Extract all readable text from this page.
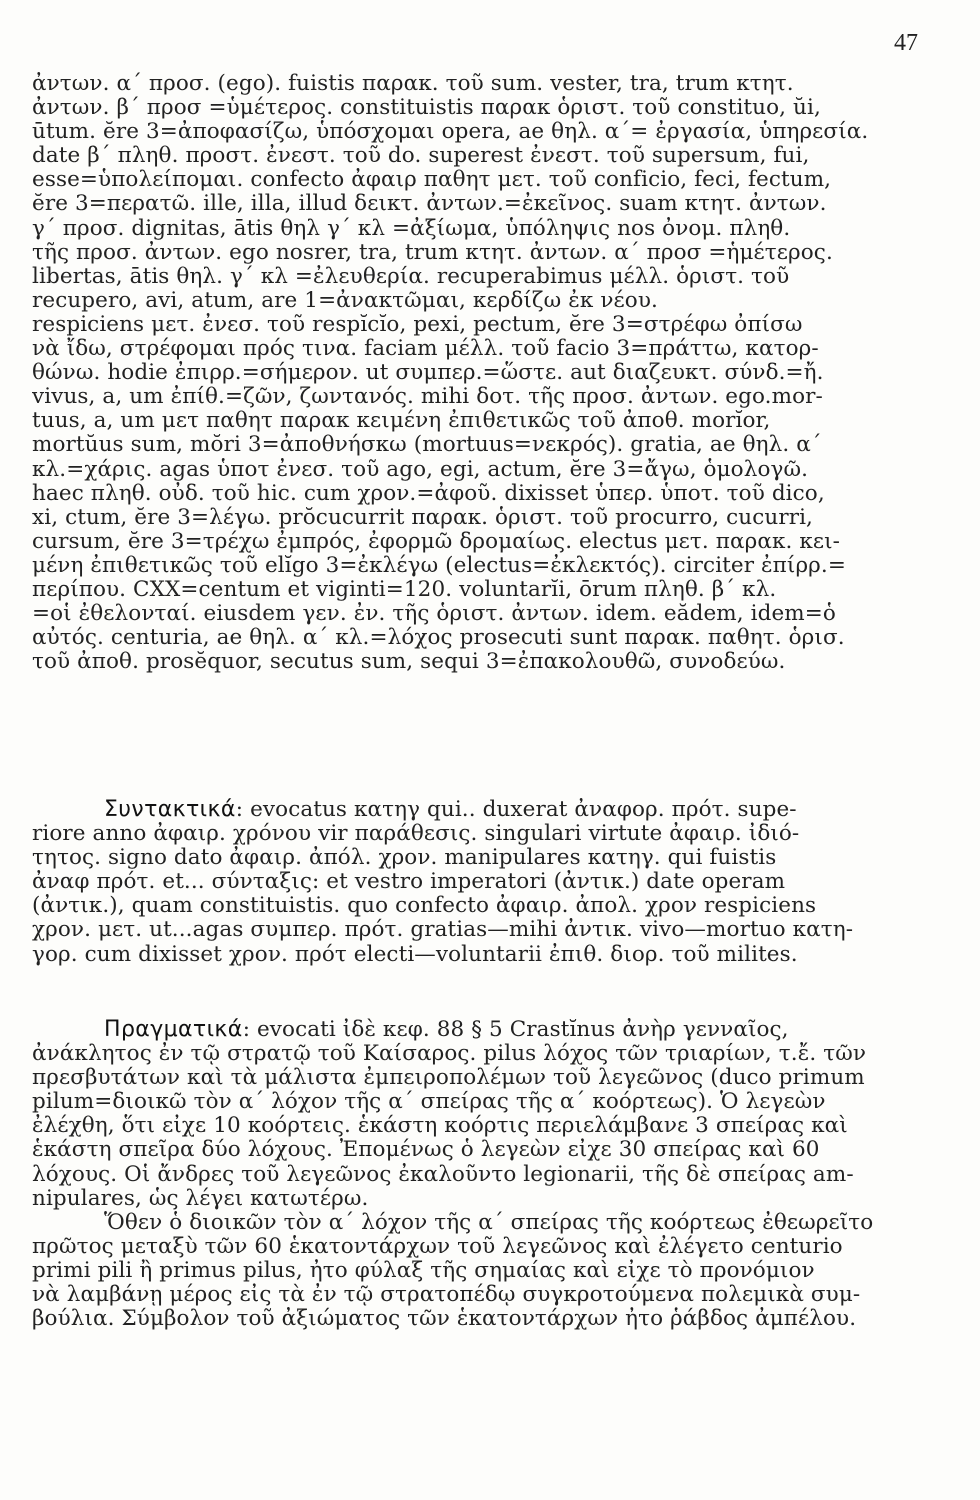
47
ἀντων. α΄ προσ. (ego). fuistis παρακ. τοῦ sum. vester, tra, trum κτητ.
ἀντων. β΄ προσ =ὑμέτερος. constituistis παρακ ὁριστ. τοῦ constituo, ŭi,
ūtum. ĕre 3=ἀποφασίζω, ὑπόσχομαι opera, ae θηλ. α΄= ἐργασία, ὑπηρεσία.
date β΄ πληθ. προστ. ἐνεστ. τοῦ do. superest ἐνεστ. τοῦ supersum, fui,
esse=ὑπολείπομαι. confecto ἀφαιρ παθητ μετ. τοῦ conficio, feci, fectum,
ĕre 3=περατῶ. ille, illa, illud δεικτ. ἀντων.=ἐκεῖνος. suam κτητ. ἀντων.
γ΄ προσ. dignitas, ātis θηλ γ΄ κλ =ἀξίωμα, ὑπόληψις nos ὀνομ. πληθ.
τῆς προσ. ἀντων. ego nosrer, tra, trum κτητ. ἀντων. α΄ προσ =ἡμέτερος.
libertas, ātis θηλ. γ΄ κλ =ἐλευθερία. recuperabimus μέλλ. ὁριστ. τοῦ
recupero, avi, atum, are 1=ἀνακτῶμαι, κερδίζω ἐκ νέου.
respiciens μετ. ἐνεσ. τοῦ respĭcĭo, pexi, pectum, ĕre 3=στρέφω ὀπίσω
νὰ ἴδω, στρέφομαι πρός τινα. faciam μέλλ. τοῦ facio 3=πράττω, κατορ-
θώνω. hodie ἐπιρρ.=σήμερον. ut συμπερ.=ὥστε. aut διαζευκτ. σύνδ.=ἤ.
vivus, a, um ἐπίθ.=ζῶν, ζωντανός. mihi δοτ. τῆς προσ. ἀντων. ego.mor-
tuus, a, um μετ παθητ παρακ κειμένη ἐπιθετικῶς τοῦ ἀποθ. morĭor,
mortŭus sum, mŏri 3=ἀποθνήσκω (mortuus=νεκρός). gratia, ae θηλ. α΄
κλ.=χάρις. agas ὑποτ ἐνεσ. τοῦ ago, egi, actum, ĕre 3=ἄγω, ὁμολογῶ.
haec πληθ. οὐδ. τοῦ hic. cum χρον.=ἀφοῦ. dixisset ὑπερ. ὑποτ. τοῦ dico,
xi, ctum, ĕre 3=λέγω. prŏcucurrit παρακ. ὁριστ. τοῦ procurro, cucurri,
cursum, ĕre 3=τρέχω ἐμπρός, ἐφορμῶ δρομαίως. electus μετ. παρακ. κει-
μένη ἐπιθετικῶς τοῦ elĭgo 3=ἐκλέγω (electus=ἐκλεκτός). circiter ἐπίρρ.=
περίπου. CXX=centum et viginti=120. voluntarĭi, ōrum πληθ. β΄ κλ.
=οἱ ἐθελονταί. eiusdem γεν. ἐν. τῆς ὁριστ. ἀντων. idem. eădem, idem=ὁ
αὐτός. centuria, ae θηλ. α΄ κλ.=λόχος prosecuti sunt παρακ. παθητ. ὁρισ.
τοῦ ἀποθ. prosĕquor, secutus sum, sequi 3=ἐπακολουθῶ, συνοδεύω.
Συντακτικά: evocatus κατηγ qui.. duxerat ἀναφορ. πρότ. supe-
riore anno ἀφαιρ. χρόνου vir παράθεσις. singulari virtute ἀφαιρ. ἰδιό-
τητος. signo dato ἀφαιρ. ἀπόλ. χρον. manipulares κατηγ. qui fuistis
ἀναφ πρότ. et... σύνταξις: et vestro imperatori (ἀντικ.) date operam
(ἀντικ.), quam constituistis. quo confecto ἀφαιρ. ἀπολ. χρον respiciens
χρον. μετ. ut...agas συμπερ. πρότ. gratias—mihi ἀντικ. vivo—mortuo κατη-
γορ. cum dixisset χρον. πρότ electi—voluntarii ἐπιθ. διορ. τοῦ milites.
Πραγματικά: evocati ἰδὲ κεφ. 88 § 5 Crastĭnus ἀνὴρ γενναῖος,
ἀνάκλητος ἐν τῷ στρατῷ τοῦ Καίσαρος. pilus λόχος τῶν τριαρίων, τ.ἔ. τῶν
πρεσβυτάτων καὶ τὰ μάλιστα ἐμπειροπολέμων τοῦ λεγεῶνος (duco primum
pilum=διοικῶ τὸν α΄ λόχον τῆς α΄ σπείρας τῆς α΄ κοόρτεως). Ὁ λεγεὼν
ἐλέχθη, ὅτι εἶχε 10 κοόρτεις. ἑκάστη κοόρτις περιελάμβανε 3 σπείρας καὶ
ἑκάστη σπεῖρα δύο λόχους. Ἐπομένως ὁ λεγεὼν εἶχε 30 σπείρας καὶ 60
λόχους. Οἱ ἄνδρες τοῦ λεγεῶνος ἐκαλοῦντο legionarii, τῆς δὲ σπείρας am-
nipulares, ὡς λέγει κατωτέρω.
Ὅθεν ὁ διοικῶν τὸν α΄ λόχον τῆς α΄ σπείρας τῆς κοόρτεως ἐθεωρεῖτο
πρῶτος μεταξὺ τῶν 60 ἑκατοντάρχων τοῦ λεγεῶνος καὶ ἐλέγετο centurio
primi pili ἢ primus pilus, ἦτο φύλαξ τῆς σημαίας καὶ εἶχε τὸ προνόμιον
νὰ λαμβάνῃ μέρος εἰς τὰ ἐν τῷ στρατοπέδῳ συγκροτούμενα πολεμικὰ συμ-
βούλια. Σύμβολον τοῦ ἀξιώματος τῶν ἑκατοντάρχων ἦτο ῥάβδος ἀμπέλου.
